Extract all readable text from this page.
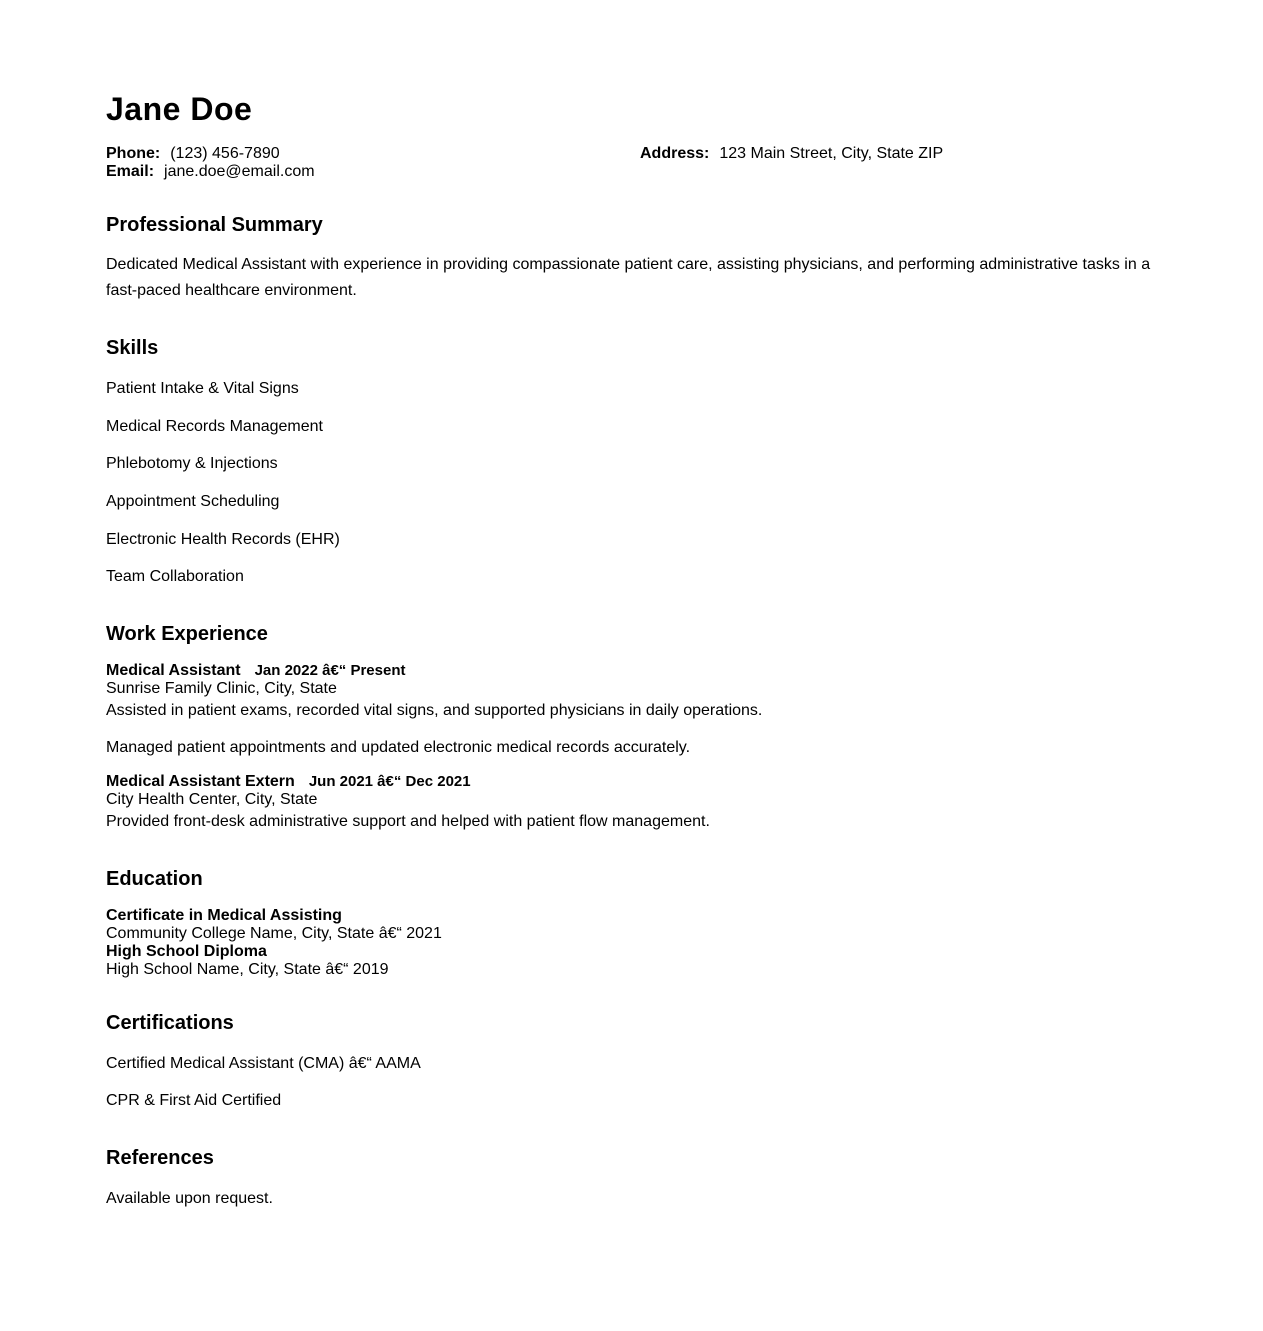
Jane Doe
Phone: (123) 456-7890	Address: 123 Main Street, City, State ZIP
Email: jane.doe@email.com
Professional Summary

Dedicated Medical Assistant with experience in providing compassionate patient care, assisting physicians, and performing administrative tasks in a fast-paced healthcare environment.

Skills
Patient Intake & Vital Signs
Medical Records Management
Phlebotomy & Injections
Appointment Scheduling
Electronic Health Records (EHR)
Team Collaboration
Work Experience
Medical Assistant Jan 2022 â€“ Present
Sunrise Family Clinic, City, State
Assisted in patient exams, recorded vital signs, and supported physicians in daily operations.
Managed patient appointments and updated electronic medical records accurately.
Medical Assistant Extern Jun 2021 â€“ Dec 2021
City Health Center, City, State
Provided front-desk administrative support and helped with patient flow management.
Education
Certificate in Medical Assisting
Community College Name, City, State â€“ 2021
High School Diploma
High School Name, City, State â€“ 2019
Certifications
Certified Medical Assistant (CMA) â€“ AAMA
CPR & First Aid Certified
References
Available upon request.
